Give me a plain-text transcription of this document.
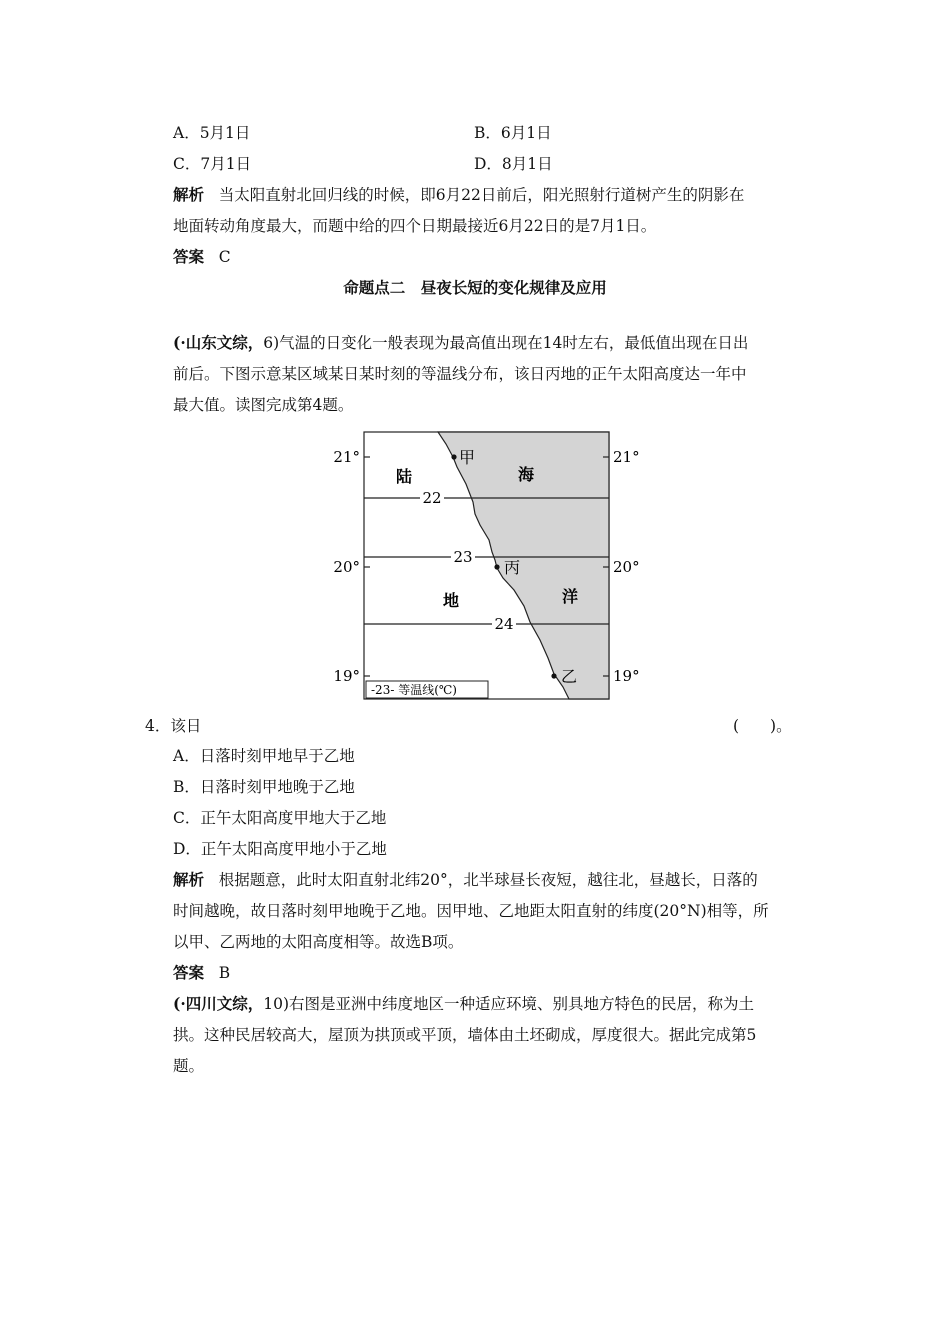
A．5月1日	B．6月1日
C．7月1日	D．8月1日
解析 当太阳直射北回归线的时候，即6月22日前后，阳光照射行道树产生的阴影在
地面转动角度最大，而题中给的四个日期最接近6月22日的是7月1日。
答案 C
命题点二　昼夜长短的变化规律及应用
(·山东文综，6)气温的日变化一般表现为最高值出现在14时左右，最低值出现在日出
前后。下图示意某区域某日某时刻的等温线分布，该日丙地的正午太阳高度达一年中
最大值。读图完成第4题。
22
23
24
21°	21°
20°	20°
19°	19°
甲
丙
乙
陆
地
海
洋
-23- 等温线(℃)
4．该日	(　　)。
A．日落时刻甲地早于乙地
B．日落时刻甲地晚于乙地
C．正午太阳高度甲地大于乙地
D．正午太阳高度甲地小于乙地
解析 根据题意，此时太阳直射北纬20°，北半球昼长夜短，越往北，昼越长，日落的
时间越晚，故日落时刻甲地晚于乙地。因甲地、乙地距太阳直射的纬度(20°N)相等，所
以甲、乙两地的太阳高度相等。故选B项。
答案 B
(·四川文综，10)右图是亚洲中纬度地区一种适应环境、别具地方特色的民居，称为土
拱。这种民居较高大，屋顶为拱顶或平顶，墙体由土坯砌成，厚度很大。据此完成第5
题。
